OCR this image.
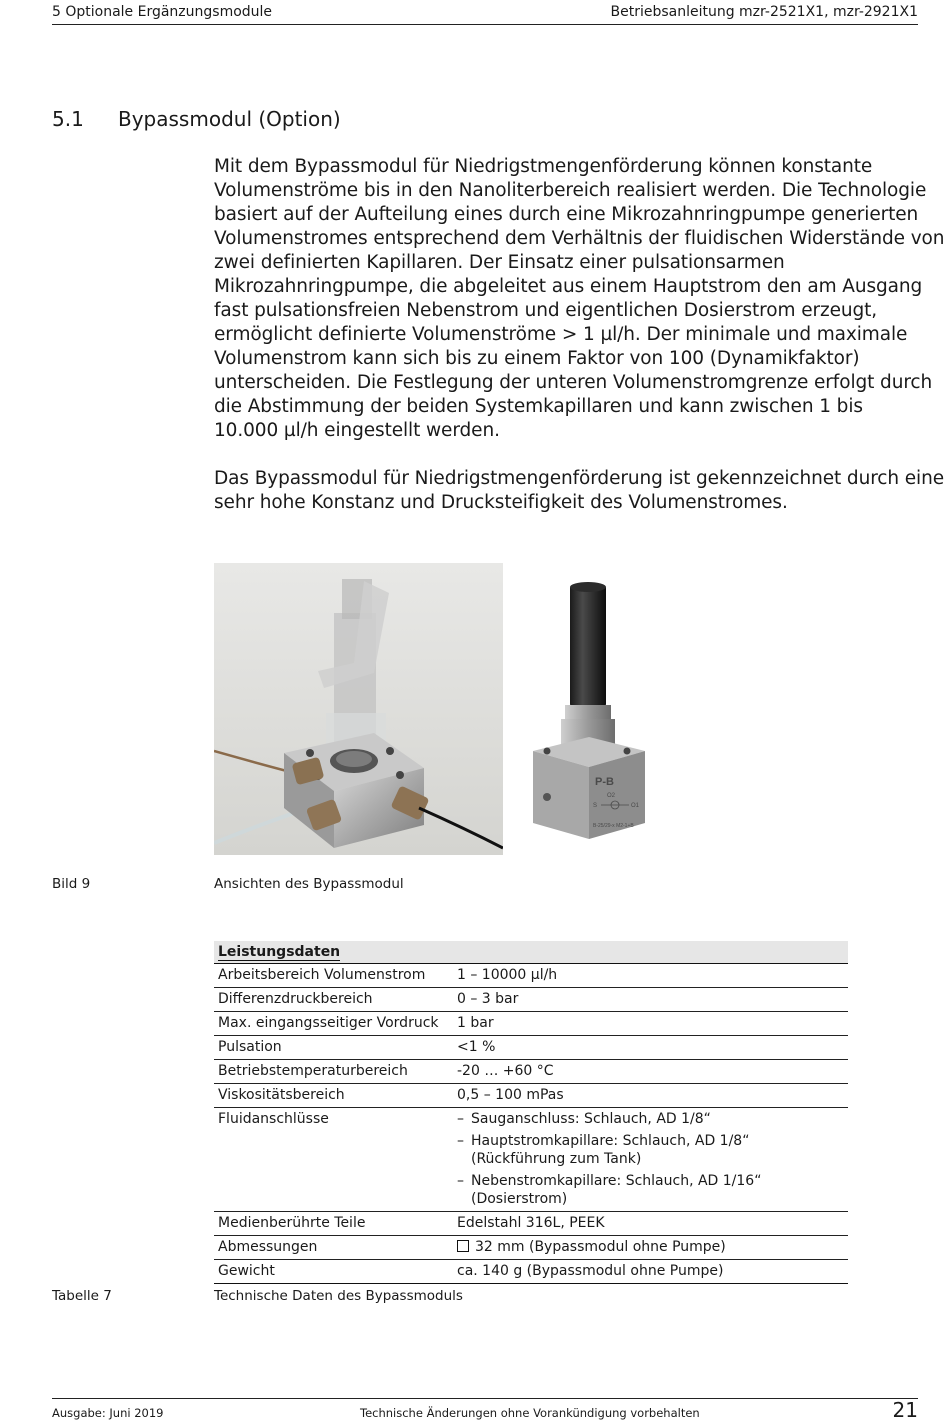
5 Optionale Ergänzungsmodule	Betriebsanleitung mzr-2521X1, mzr-2921X1
5.1 Bypassmodul (Option)
Mit dem Bypassmodul für Niedrigstmengenförderung können konstante
Volumenströme bis in den Nanoliterbereich realisiert werden. Die Technologie
basiert auf der Aufteilung eines durch eine Mikrozahnringpumpe generierten
Volumenstromes entsprechend dem Verhältnis der fluidischen Widerstände von
zwei definierten Kapillaren. Der Einsatz einer pulsationsarmen
Mikrozahnringpumpe, die abgeleitet aus einem Hauptstrom den am Ausgang
fast pulsationsfreien Nebenstrom und eigentlichen Dosierstrom erzeugt,
ermöglicht definierte Volumenströme > 1 µl/h. Der minimale und maximale
Volumenstrom kann sich bis zu einem Faktor von 100 (Dynamikfaktor)
unterscheiden. Die Festlegung der unteren Volumenstromgrenze erfolgt durch
die Abstimmung der beiden Systemkapillaren und kann zwischen 1 bis
10.000 µl/h eingestellt werden.
Das Bypassmodul für Niedrigstmengenförderung ist gekennzeichnet durch eine
sehr hohe Konstanz und Drucksteifigkeit des Volumenstromes.
P-B
O2
S	O1
B-25/29-x M2-1+B
Bild 9	Ansichten des Bypassmodul
Leistungsdaten
Arbeitsbereich Volumenstrom	1 – 10000 µl/h
Differenzdruckbereich	0 – 3 bar
Max. eingangsseitiger Vordruck	1 bar
Pulsation	<1 %
Betriebstemperaturbereich	-20 … +60 °C
Viskositätsbereich	0,5 – 100 mPas
Fluidanschlüsse	– Sauganschluss: Schlauch, AD 1/8“
– Hauptstromkapillare: Schlauch, AD 1/8“ (Rückführung zum Tank)
– Nebenstromkapillare: Schlauch, AD 1/16“ (Dosierstrom)
Medienberührte Teile	Edelstahl 316L, PEEK
Abmessungen	32 mm (Bypassmodul ohne Pumpe)
Gewicht	ca. 140 g (Bypassmodul ohne Pumpe)
Tabelle 7	Technische Daten des Bypassmoduls
Ausgabe: Juni 2019	Technische Änderungen ohne Vorankündigung vorbehalten	21
